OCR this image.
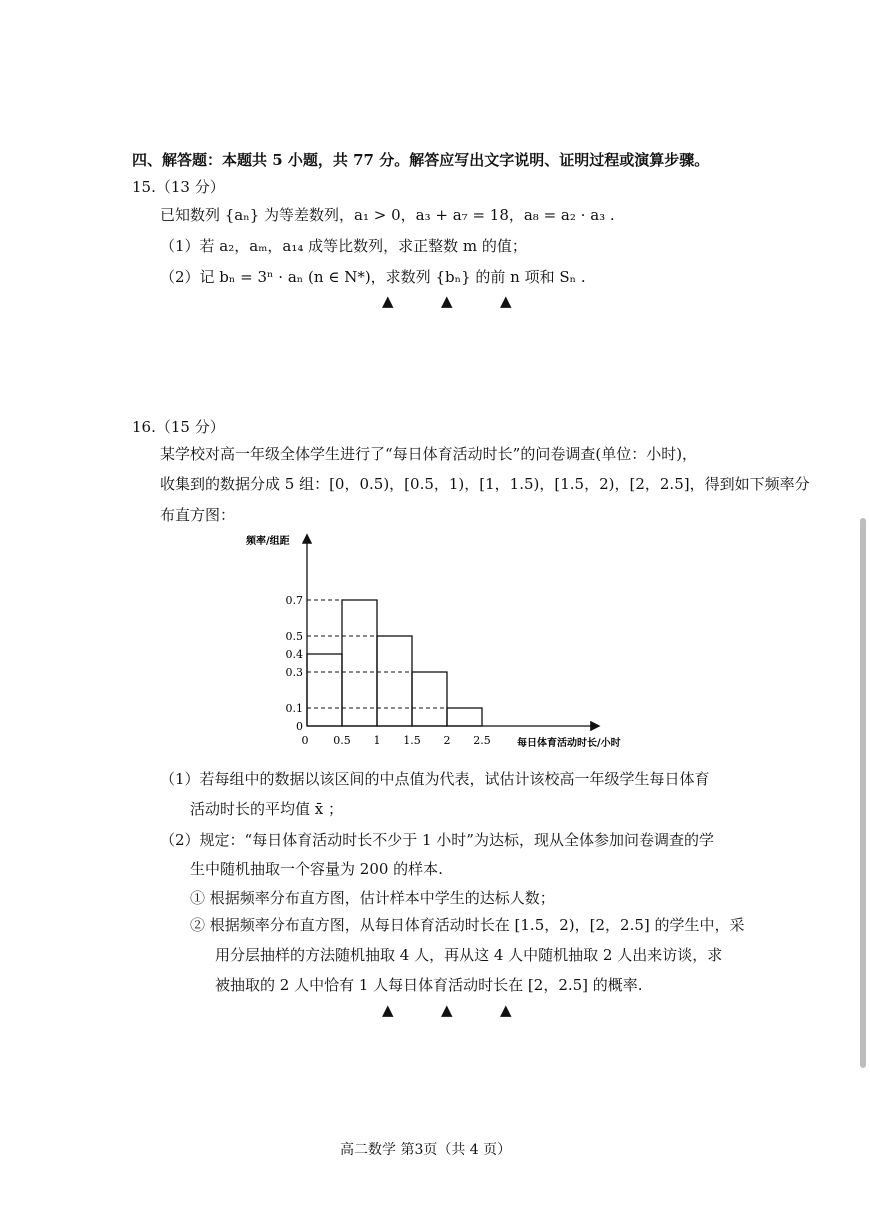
四、解答题：本题共 5 小题，共 77 分。解答应写出文字说明、证明过程或演算步骤。
15.（13 分）
已知数列 {aₙ} 为等差数列，a₁ > 0，a₃ + a₇ = 18，a₈ = a₂ · a₃ .
（1）若 a₂，aₘ，a₁₄ 成等比数列，求正整数 m 的值；
（2）记 bₙ = 3ⁿ · aₙ (n ∈ N*)，求数列 {bₙ} 的前 n 项和 Sₙ .
▲	▲	▲
16.（15 分）
某学校对高一年级全体学生进行了“每日体育活动时长”的问卷调查(单位：小时)，
收集到的数据分成 5 组：[0，0.5)，[0.5，1)，[1，1.5)，[1.5，2)，[2，2.5]，得到如下频率分
布直方图：
频率/组距
每日体育活动时长/小时
0
0.1
0.3
0.4
0.5
0.7
0 0.5 1 1.5 2 2.5
（1）若每组中的数据以该区间的中点值为代表，试估计该校高一年级学生每日体育
活动时长的平均值 x̄ ；
（2）规定：“每日体育活动时长不少于 1 小时”为达标，现从全体参加问卷调查的学
生中随机抽取一个容量为 200 的样本.
① 根据频率分布直方图，估计样本中学生的达标人数；
② 根据频率分布直方图，从每日体育活动时长在 [1.5，2)，[2，2.5] 的学生中，采
用分层抽样的方法随机抽取 4 人，再从这 4 人中随机抽取 2 人出来访谈，求
被抽取的 2 人中恰有 1 人每日体育活动时长在 [2，2.5] 的概率.
▲	▲	▲
高二数学 第3页（共 4 页）
